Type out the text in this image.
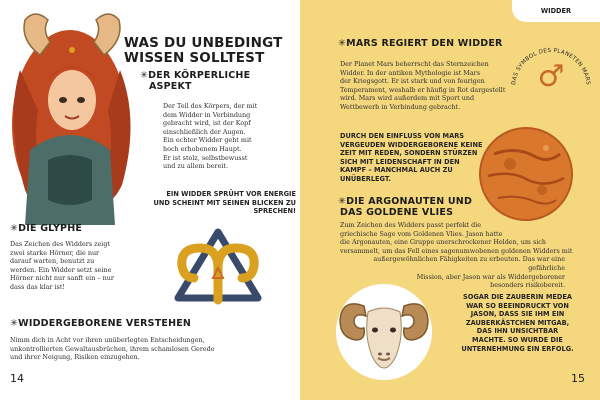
WAS DU UNBEDINGT
WISSEN SOLLTEST
✳DER KÖRPERLICHE
ASPEKT
Der Teil des Körpers, der mit
dem Widder in Verbindung
gebracht wird, ist der Kopf
einschließlich der Augen.
Ein echter Widder geht mit
hoch erhobenem Haupt.
Er ist stolz, selbstbewusst
und zu allem bereit.
EIN WIDDER SPRÜHT VOR ENERGIE
UND SCHEINT MIT SEINEN BLICKEN ZU
SPRECHEN!
✳DIE GLYPHE
Das Zeichen des Widders zeigt
zwei starke Hörner, die nur
darauf warten, benutzt zu
werden. Ein Widder setzt seine
Hörner nicht nur sanft ein – nur
dass das klar ist!
✳WIDDERGEBORENE VERSTEHEN
Nimm dich in Acht vor ihren unüberlegten Entscheidungen,
unkontrollierten Gewaltausbrüchen, ihrem schamlosen Gerede
und ihrer Neigung, Risiken einzugehen.
14
WIDDER
✳MARS REGIERT DEN WIDDER
Der Planet Mars beherrscht das Sternzeichen
Widder. In der antiken Mythologie ist Mars
der Kriegsgott. Er ist stark und von feurigen
Temperament, weshalb er häufig in Rot dargestellt
wird. Mars wird außerdem mit Sport und
Wettbewerb in Verbindung gebracht.
DAS SYMBOL DES PLANETEN MARS
♂
DURCH DEN EINFLUSS VON MARS
VERGEUDEN WIDDERGEBORENE KEINE
ZEIT MIT REDEN, SONDERN STÜRZEN
SICH MIT LEIDENSCHAFT IN DEN
KAMPF – MANCHMAL AUCH ZU
UNÜBERLEGT.
✳DIE ARGONAUTEN UND
DAS GOLDENE VLIES
Zum Zeichen des Widders passt perfekt die
griechische Sage vom Goldenen Vlies. Jason hatte
die Argonauten, eine Gruppe unerschrockener Helden, um sich
versammelt, um das Fell eines sagenumwobenen goldenen Widders mit
außergewöhnlichen Fähigkeiten zu erbeuten. Das war eine gefährliche
Mission, aber Jason war als Widdergeborener
besonders risikobereit.
SOGAR DIE ZAUBERIN MEDEA
WAR SO BEEINDRUCKT VON
JASON, DASS SIE IHM EIN
ZAUBERKÄSTCHEN MITGAB,
DAS IHN UNSICHTBAR
MACHTE. SO WURDE DIE
UNTERNEHMUNG EIN ERFOLG.
15
